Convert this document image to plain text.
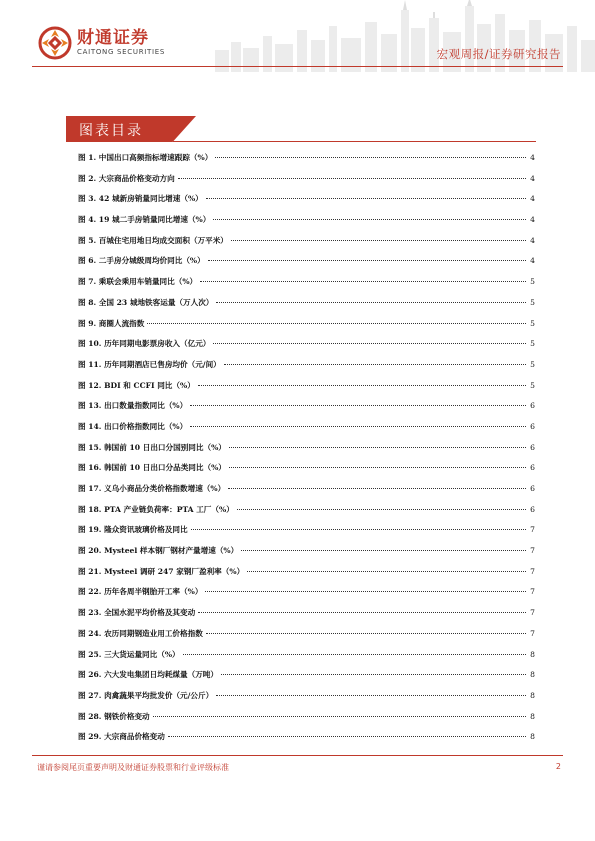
财通证券
CAITONG SECURITIES	宏观周报/证券研究报告
图表目录
图 1. 中国出口高频指标增速跟踪（%）	4
图 2. 大宗商品价格变动方向	4
图 3. 42 城新房销量同比增速（%）	4
图 4. 19 城二手房销量同比增速（%）	4
图 5. 百城住宅用地日均成交面积（万平米）	4
图 6. 二手房分城级周均价同比（%）	4
图 7. 乘联会乘用车销量同比（%）	5
图 8. 全国 23 城地铁客运量（万人次）	5
图 9. 商圈人流指数	5
图 10. 历年同期电影票房收入（亿元）	5
图 11. 历年同期酒店已售房均价（元/间）	5
图 12. BDI 和 CCFI 同比（%）	5
图 13. 出口数量指数同比（%）	6
图 14. 出口价格指数同比（%）	6
图 15. 韩国前 10 日出口分国别同比（%）	6
图 16. 韩国前 10 日出口分品类同比（%）	6
图 17. 义乌小商品分类价格指数增速（%）	6
图 18. PTA 产业链负荷率：PTA 工厂（%）	6
图 19. 隆众资讯玻璃价格及同比	7
图 20. Mysteel 样本钢厂钢材产量增速（%）	7
图 21. Mysteel 调研 247 家钢厂盈利率（%）	7
图 22. 历年各周半钢胎开工率（%）	7
图 23. 全国水泥平均价格及其变动	7
图 24. 农历同期钢造业用工价格指数	7
图 25. 三大货运量同比（%）	8
图 26. 六大发电集团日均耗煤量（万吨）	8
图 27. 肉禽蔬果平均批发价（元/公斤）	8
图 28. 钢铁价格变动	8
图 29. 大宗商品价格变动	8
谨请参阅尾页重要声明及财通证券股票和行业评级标准	2
